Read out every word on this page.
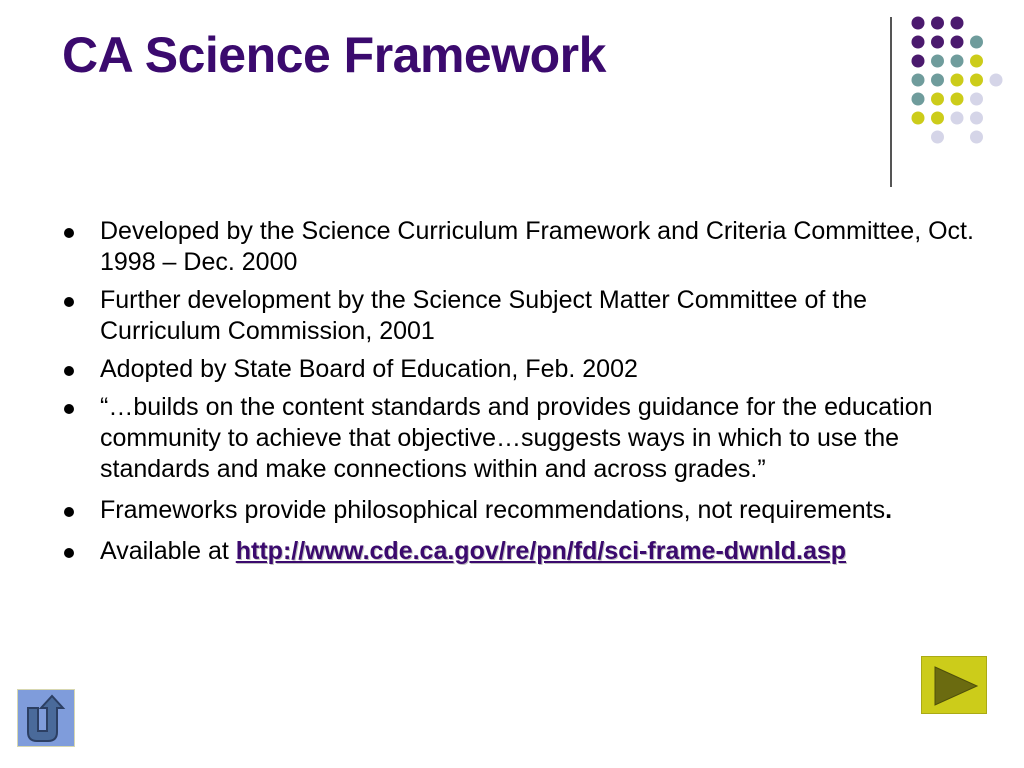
CA Science Framework
Developed by the Science Curriculum Framework and Criteria Committee, Oct. 1998 – Dec. 2000
Further development by the Science Subject Matter Committee of the Curriculum Commission, 2001
Adopted by State Board of Education, Feb. 2002
“…builds on the content standards and provides guidance for the education community to achieve that objective…suggests ways in which to use the standards and make connections within and across grades.”
Frameworks provide philosophical recommendations, not requirements.
Available at http://www.cde.ca.gov/re/pn/fd/sci-frame-dwnld.asp
